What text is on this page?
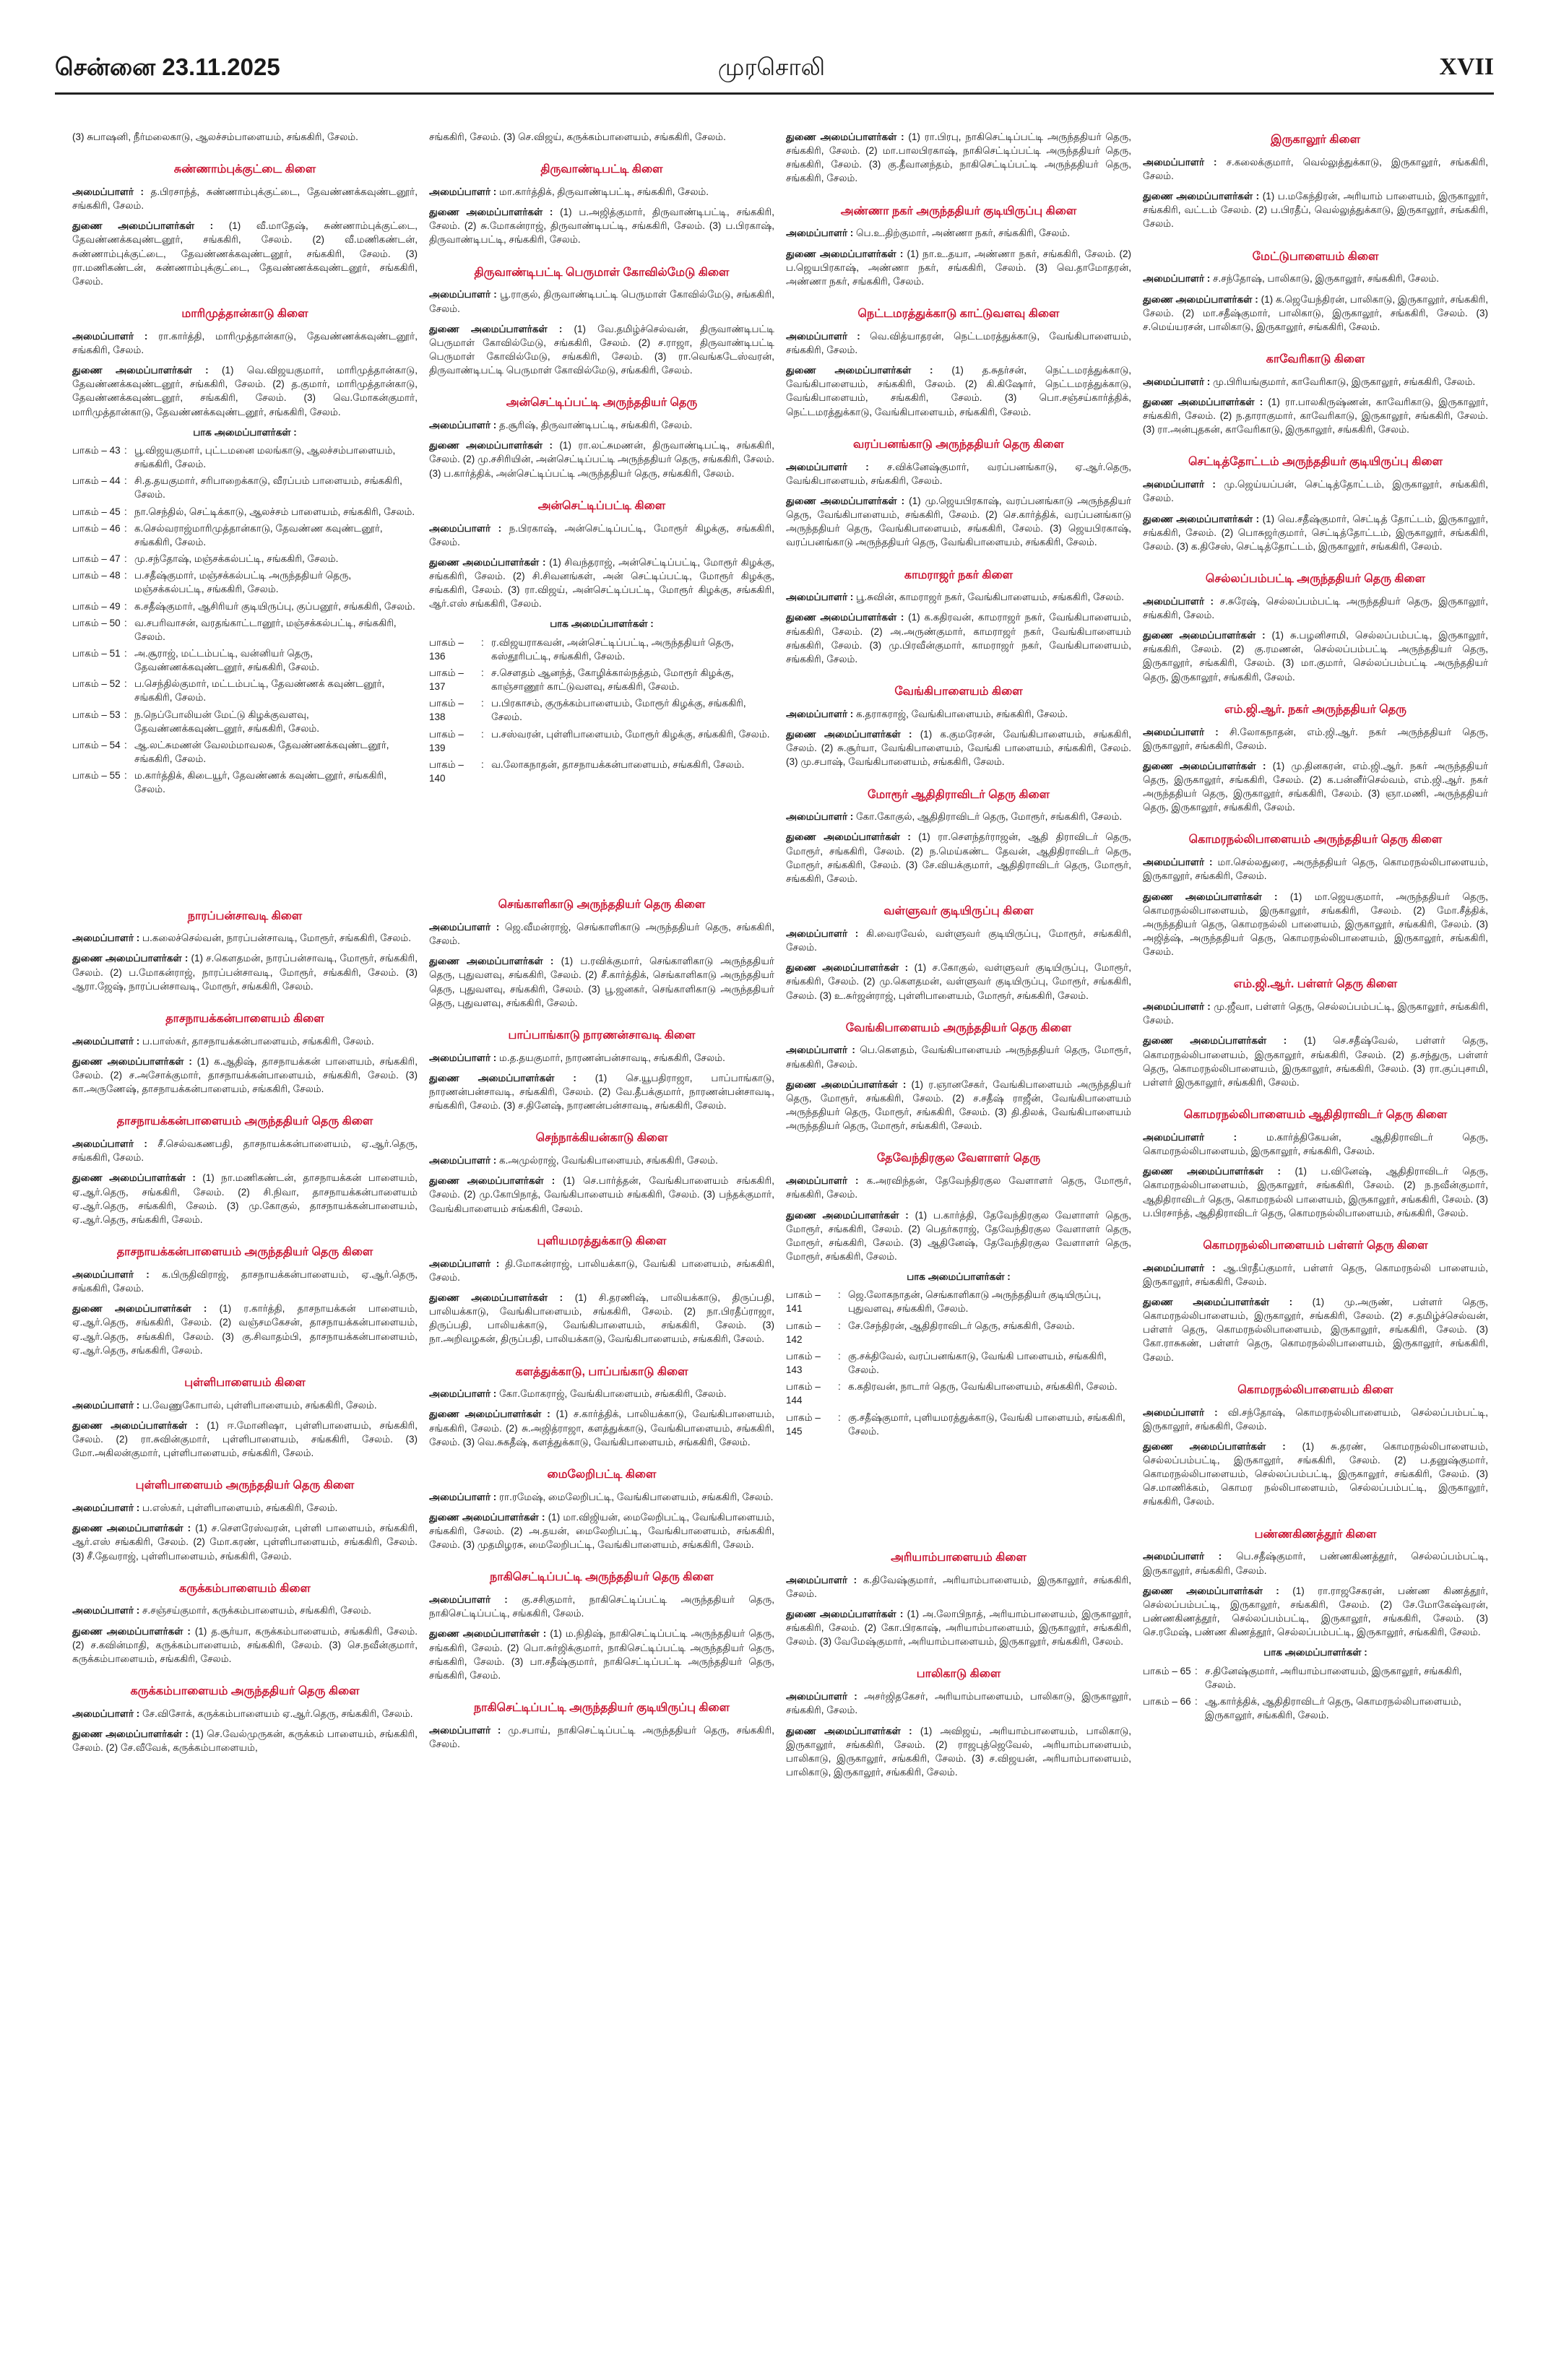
சென்னை 23.11.2025	முரசொலி	XVII

(3) சுபாஷனி, நீர்மலைகாடு, ஆலச்சம்பாளையம், சங்ககிரி, சேலம்.

சுண்ணாம்புக்குட்டை கிளை

அமைப்பாளர் : த.பிரசாந்த், சுண்ணாம்புக்குட்டை, தேவண்ணக்கவுண்டனூர், சங்ககிரி, சேலம்.

துணை அமைப்பாளர்கள் : (1) வீ.மாதேஷ், சுண்ணாம்புக்குட்டை, தேவண்ணக்கவுண்டனூர், சங்ககிரி, சேலம். (2) வீ.மணிகண்டன், சுண்ணாம்புக்குட்டை, தேவண்ணக்கவுண்டனூர், சங்ககிரி, சேலம். (3) ரா.மணிகண்டன், சுண்ணாம்புக்குட்டை, தேவண்ணக்கவுண்டனூர், சங்ககிரி, சேலம்.

மாரிமுத்தான்காடு கிளை

அமைப்பாளர் : ரா.கார்த்தி, மாரிமுத்தான்காடு, தேவண்ணக்கவுண்டனூர், சங்ககிரி, சேலம்.

துணை அமைப்பாளர்கள் : (1) வெ.விஜயகுமார், மாரிமுத்தான்காடு, தேவண்ணக்கவுண்டனூர், சங்ககிரி, சேலம். (2) த.குமார், மாரிமுத்தான்காடு, தேவண்ணக்கவுண்டனூர், சங்ககிரி, சேலம். (3) வெ.மோகன்குமார், மாரிமுத்தான்காடு, தேவண்ணக்கவுண்டனூர், சங்ககிரி, சேலம்.

பாக அமைப்பாளர்கள் :
பாகம் – 43 : பூ.விஜயகுமார், புட்டமனை மலங்காடு, ஆலச்சம்பாளையம், சங்ககிரி, சேலம்.
பாகம் – 44 : சி.த.தயகுமார், சரிபாறைக்காடு, வீரப்பம் பாளையம், சங்ககிரி, சேலம்.
பாகம் – 45 : நா.செந்தில், செட்டிக்காடு, ஆலச்சம் பாளையம், சங்ககிரி, சேலம்.
பாகம் – 46 : க.செல்வராஜ்மாரிமுத்தான்காடு, தேவண்ண கவுண்டனூர், சங்ககிரி, சேலம்.
பாகம் – 47 : மு.சந்தோஷ், மஞ்சக்கல்பட்டி, சங்ககிரி, சேலம்.
பாகம் – 48 : ப.சதீஷ்குமார், மஞ்சக்கல்பட்டி அருந்ததியர் தெரு, மஞ்சக்கல்பட்டி, சங்ககிரி, சேலம்.
பாகம் – 49 : க.சதீஷ்குமார், ஆசிரியர் குடியிருப்பு, குப்பனூர், சங்ககிரி, சேலம்.
பாகம் – 50 : வ.சபரிவாசன், வரதங்காட்டானூர், மஞ்சக்கல்பட்டி, சங்ககிரி, சேலம்.
பாகம் – 51 : அ.சூராஜ், மட்டம்பட்டி, வன்னியர் தெரு, தேவண்ணக்கவுண்டனூர், சங்ககிரி, சேலம்.
பாகம் – 52 : ப.செந்தில்குமார், மட்டம்பட்டி, தேவண்ணக் கவுண்டனூர், சங்ககிரி, சேலம்.
பாகம் – 53 : ந.நெப்போலியன் மேட்டு கிழக்குவளவு, தேவண்ணக்கவுண்டனூர், சங்ககிரி, சேலம்.
பாகம் – 54 : ஆ.லட்சுமணன் வேலம்மாவலசு, தேவண்ணக்கவுண்டனூர், சங்ககிரி, சேலம்.
பாகம் – 55 : ம.கார்த்திக், கிடையூர், தேவண்ணக் கவுண்டனூர், சங்ககிரி, சேலம்.
நாரப்பன்சாவடி கிளை

அமைப்பாளர் : ப.கலைச்செல்வன், நாரப்பன்சாவடி, மோரூர், சங்ககிரி, சேலம்.

துணை அமைப்பாளர்கள் : (1) ச.கௌதமன், நாரப்பன்சாவடி, மோரூர், சங்ககிரி, சேலம். (2) ப.மோகன்ராஜ், நாரப்பன்சாவடி, மோரூர், சங்ககிரி, சேலம். (3) ஆரா.ஜேஷ், நாரப்பன்சாவடி, மோரூர், சங்ககிரி, சேலம்.

தாசநாயக்கன்பாளையம் கிளை

அமைப்பாளர் : ப.பாஸ்கர், தாசநாயக்கன்பாளையம், சங்ககிரி, சேலம்.

துணை அமைப்பாளர்கள் : (1) க.ஆதிஷ், தாசநாயக்கன் பாளையம், சங்ககிரி, சேலம். (2) ச.அசோக்குமார், தாசநாயக்கன்பாளையம், சங்ககிரி, சேலம். (3) கா.அருணேஷ், தாசநாயக்கன்பாளையம், சங்ககிரி, சேலம்.

தாசநாயக்கன்பாளையம் அருந்ததியர் தெரு கிளை

அமைப்பாளர் : சீ.செல்வகணபதி, தாசநாயக்கன்பாளையம், ஏ.ஆர்.தெரு, சங்ககிரி, சேலம்.

துணை அமைப்பாளர்கள் : (1) நா.மணிகண்டன், தாசநாயக்கன் பாளையம், ஏ.ஆர்.தெரு, சங்ககிரி, சேலம். (2) சி.நிவா, தாசநாயக்கன்பாளையம் ஏ.ஆர்.தெரு, சங்ககிரி, சேலம். (3) மு.கோகுல், தாசநாயக்கன்பாளையம், ஏ.ஆர்.தெரு, சங்ககிரி, சேலம்.

தாசநாயக்கன்பாளையம் அருந்ததியர் தெரு கிளை

அமைப்பாளர் : க.பிருதிவிராஜ், தாசநாயக்கன்பாளையம், ஏ.ஆர்.தெரு, சங்ககிரி, சேலம்.

துணை அமைப்பாளர்கள் : (1) ர.கார்த்தி, தாசநாயக்கன் பாளையம், ஏ.ஆர்.தெரு, சங்ககிரி, சேலம். (2) வஞ்சமகேசன், தாசநாயக்கன்பாளையம், ஏ.ஆர்.தெரு, சங்ககிரி, சேலம். (3) கு.சிவாதம்பி, தாசநாயக்கன்பாளையம், ஏ.ஆர்.தெரு, சங்ககிரி, சேலம்.

புள்ளிபாளையம் கிளை

அமைப்பாளர் : ப.வேணுகோபால், புள்ளிபாளையம், சங்ககிரி, சேலம்.

துணை அமைப்பாளர்கள் : (1) ஈ.மோனிஷா, புள்ளிபாளையம், சங்ககிரி, சேலம். (2) ரா.சுவின்குமார், புள்ளிபாளையம், சங்ககிரி, சேலம். (3) மோ.அகிலன்குமார், புள்ளிபாளையம், சங்ககிரி, சேலம்.

புள்ளிபாளையம் அருந்ததியர் தெரு கிளை

அமைப்பாளர் : ப.எஸ்கர், புள்ளிபாளையம், சங்ககிரி, சேலம்.

துணை அமைப்பாளர்கள் : (1) ச.சௌரேஸ்வரன், புள்ளி பாளையம், சங்ககிரி, ஆர்.எஸ் சங்ககிரி, சேலம். (2) மோ.கரண், புள்ளிபாளையம், சங்ககிரி, சேலம். (3) சீ.தேவராஜ், புள்ளிபாளையம், சங்ககிரி, சேலம்.

கருக்கம்பாளையம் கிளை

அமைப்பாளர் : ச.சஞ்சய்குமார், கருக்கம்பாளையம், சங்ககிரி, சேலம்.

துணை அமைப்பாளர்கள் : (1) த.சூர்யா, கருக்கம்பாளையம், சங்ககிரி, சேலம். (2) ச.கவின்மாதி, கருக்கம்பாளையம், சங்ககிரி, சேலம். (3) செ.நவீன்குமார், கருக்கம்பாளையம், சங்ககிரி, சேலம்.

கருக்கம்பாளையம் அருந்ததியர் தெரு கிளை

அமைப்பாளர் : சே.விசோக், கருக்கம்பாளையம் ஏ.ஆர்.தெரு, சங்ககிரி, சேலம்.

துணை அமைப்பாளர்கள் : (1) செ.வேல்முருகன், கருக்கம் பாளையம், சங்ககிரி, சேலம். (2) சே.வீவேக், கருக்கம்பாளையம்,

சங்ககிரி, சேலம். (3) செ.விஜய், கருக்கம்பாளையம், சங்ககிரி, சேலம்.

திருவாண்டிபட்டி கிளை

அமைப்பாளர் : மா.கார்த்திக், திருவாண்டிபட்டி, சங்ககிரி, சேலம்.

துணை அமைப்பாளர்கள் : (1) ப.அஜித்குமார், திருவாண்டிபட்டி, சங்ககிரி, சேலம். (2) சு.மோகன்ராஜ், திருவாண்டிபட்டி, சங்ககிரி, சேலம். (3) ப.பிரகாஷ், திருவாண்டிபட்டி, சங்ககிரி, சேலம்.

திருவாண்டிபட்டி பெருமாள் கோவில்மேடு கிளை

அமைப்பாளர் : பூ.ராகுல், திருவாண்டிபட்டி பெருமாள் கோவில்மேடு, சங்ககிரி, சேலம்.

துணை அமைப்பாளர்கள் : (1) வே.தமிழ்ச்செல்வன், திருவாண்டிபட்டி பெருமாள் கோவில்மேடு, சங்ககிரி, சேலம். (2) ச.ராஜா, திருவாண்டிபட்டி பெருமாள் கோவில்மேடு, சங்ககிரி, சேலம். (3) ரா.வெங்கடேஸ்வரன், திருவாண்டிபட்டி பெருமாள் கோவில்மேடு, சங்ககிரி, சேலம்.

அன்செட்டிப்பட்டி அருந்ததியர் தெரு

அமைப்பாளர் : த.சூரிஷ், திருவாண்டிபட்டி, சங்ககிரி, சேலம்.

துணை அமைப்பாளர்கள் : (1) ரா.லட்சுமணன், திருவாண்டிபட்டி, சங்ககிரி, சேலம். (2) மு.சசிரியின், அன்செட்டிப்பட்டி அருந்ததியர் தெரு, சங்ககிரி, சேலம். (3) ப.கார்த்திக், அன்செட்டிப்பட்டி அருந்ததியர் தெரு, சங்ககிரி, சேலம்.

அன்செட்டிப்பட்டி கிளை

அமைப்பாளர் : ந.பிரகாஷ், அன்செட்டிப்பட்டி, மோரூர் கிழக்கு, சங்ககிரி, சேலம்.

துணை அமைப்பாளர்கள் : (1) சிவந்தராஜ், அன்செட்டிப்பட்டி, மோரூர் கிழக்கு, சங்ககிரி, சேலம். (2) சி.சிவனங்கள், அன் செட்டிப்பட்டி, மோரூர் கிழக்கு, சங்ககிரி, சேலம். (3) ரா.விஜய், அன்செட்டிப்பட்டி, மோரூர் கிழக்கு, சங்ககிரி, ஆர்.எஸ் சங்ககிரி, சேலம்.

பாக அமைப்பாளர்கள் :
பாகம் – 136
: ர.விஜயராகவன், அன்செட்டிப்பட்டி, அருந்ததியர் தெரு, கஸ்தூரிபட்டி, சங்ககிரி, சேலம்.
பாகம் – 137
: ச.சௌதம் ஆனந்த், கோழிக்கால்நத்தம், மோரூர் கிழக்கு, காஞ்சாணூர் காட்டுவளவு, சங்ககிரி, சேலம்.
பாகம் – 138
: ப.பிரகாசம், குருக்கம்பாளையம், மோரூர் கிழக்கு, சங்ககிரி, சேலம்.
பாகம் – 139
: ப.சஸ்வரன், புள்ளிபாளையம், மோரூர் கிழக்கு, சங்ககிரி, சேலம்.
பாகம் – 140
: வ.லோகநாதன், தாசநாயக்கன்பாளையம், சங்ககிரி, சேலம்.
செங்காளிகாடு அருந்ததியர் தெரு கிளை

அமைப்பாளர் : ஜெ.வீமன்ராஜ், செங்காளிகாடு அருந்ததியர் தெரு, சங்ககிரி, சேலம்.

துணை அமைப்பாளர்கள் : (1) ப.ரவிக்குமார், செங்காளிகாடு அருந்ததியர் தெரு, புதுவளவு, சங்ககிரி, சேலம். (2) சீ.கார்த்திக், செங்காளிகாடு அருந்ததியர் தெரு, புதுவளவு, சங்ககிரி, சேலம். (3) பூ.ஜனகர், செங்காளிகாடு அருந்ததியர் தெரு, புதுவளவு, சங்ககிரி, சேலம்.

பாப்பாங்காடு நாரணன்சாவடி கிளை

அமைப்பாளர் : ம.த.தயகுமார், நாரணன்பன்சாவடி, சங்ககிரி, சேலம்.

துணை அமைப்பாளர்கள் : (1) செ.யூபதிராஜா, பாப்பாங்காடு, நாரணன்பன்சாவடி, சங்ககிரி, சேலம். (2) வே.தீபக்குமார், நாரணன்பன்சாவடி, சங்ககிரி, சேலம். (3) ச.தினேஷ், நாரணன்பன்சாவடி, சங்ககிரி, சேலம்.

செந்நாக்கியன்காடு கிளை

அமைப்பாளர் : க.அமுல்ராஜ், வேங்கிபாளையம், சங்ககிரி, சேலம்.

துணை அமைப்பாளர்கள் : (1) செ.பார்த்தன், வேங்கிபாளையம் சங்ககிரி, சேலம். (2) மு.கோபிநாத், வேங்கிபாளையம் சங்ககிரி, சேலம். (3) பந்தக்குமார், வேங்கிபாளையம் சங்ககிரி, சேலம்.

புளியமரத்துக்காடு கிளை

அமைப்பாளர் : தி.மோகன்ராஜ், பாலியக்காடு, வேங்கி பாளையம், சங்ககிரி, சேலம்.

துணை அமைப்பாளர்கள் : (1) சி.தரணிஷ், பாலியக்காடு, திருப்பதி, பாலியக்காடு, வேங்கிபாளையம், சங்ககிரி, சேலம். (2) நா.பிரதீப்ராஜா, திருப்பதி, பாலியக்காடு, வேங்கிபாளையம், சங்ககிரி, சேலம். (3) நா.அறிவழகன், திருப்பதி, பாலியக்காடு, வேங்கிபாளையம், சங்ககிரி, சேலம்.

களத்துக்காடு, பாப்பங்காடு கிளை

அமைப்பாளர் : கோ.மோகராஜ், வேங்கிபாளையம், சங்ககிரி, சேலம்.

துணை அமைப்பாளர்கள் : (1) ச.கார்த்திக், பாலியக்காடு, வேங்கிபாளையம், சங்ககிரி, சேலம். (2) சு.அஜித்ராஜா, களத்துக்காடு, வேங்கிபாளையம், சங்ககிரி, சேலம். (3) வெ.சுகதீஷ், களத்துக்காடு, வேங்கிபாளையம், சங்ககிரி, சேலம்.

மைலேறிபட்டி கிளை

அமைப்பாளர் : ரா.ரமேஷ், மைலேறிபட்டி, வேங்கிபாளையம், சங்ககிரி, சேலம்.

துணை அமைப்பாளர்கள் : (1) மா.விஜியன், மைலேறிபட்டி, வேங்கிபாளையம், சங்ககிரி, சேலம். (2) அ.தயன், மைலேறிபட்டி, வேங்கிபாளையம், சங்ககிரி, சேலம். (3) முதமிழரசு, மைலேறிபட்டி, வேங்கிபாளையம், சங்ககிரி, சேலம்.

நாகிசெட்டிப்பட்டி அருந்ததியர் தெரு கிளை

அமைப்பாளர் : கு.சசிகுமார், நாகிசெட்டிப்பட்டி அருந்ததியர் தெரு, நாகிசெட்டிப்பட்டி, சங்ககிரி, சேலம்.

துணை அமைப்பாளர்கள் : (1) ம.நிதிஷ், நாகிசெட்டிப்பட்டி அருந்ததியர் தெரு, சங்ககிரி, சேலம். (2) பொ.சுர்ஜிக்குமார், நாகிசெட்டிப்பட்டி அருந்ததியர் தெரு, சங்ககிரி, சேலம். (3) பா.சதீஷ்குமார், நாகிசெட்டிப்பட்டி அருந்ததியர் தெரு, சங்ககிரி, சேலம்.

நாகிசெட்டிப்பட்டி அருந்ததியர் குடியிருப்பு கிளை

அமைப்பாளர் : மு.சபாய், நாகிசெட்டிப்பட்டி அருந்ததியர் தெரு, சங்ககிரி, சேலம்.

துணை அமைப்பாளர்கள் : (1) ரா.பிரபு, நாகிசெட்டிப்பட்டி அருந்ததியர் தெரு, சங்ககிரி, சேலம். (2) மா.பாலபிரகாஷ், நாகிசெட்டிப்பட்டி அருந்ததியர் தெரு, சங்ககிரி, சேலம். (3) கு.தீவானந்தம், நாகிசெட்டிப்பட்டி அருந்ததியர் தெரு, சங்ககிரி, சேலம்.

அண்ணா நகர் அருந்ததியர் குடியிருப்பு கிளை

அமைப்பாளர் : பெ.உ.திற்குமார், அண்ணா நகர், சங்ககிரி, சேலம்.

துணை அமைப்பாளர்கள் : (1) நா.உ.தயா, அண்ணா நகர், சங்ககிரி, சேலம். (2) ப.ஜெயபிரகாஷ், அண்ணா நகர், சங்ககிரி, சேலம். (3) வெ.தாமோதரன், அண்ணா நகர், சங்ககிரி, சேலம்.

நெட்டமரத்துக்காடு காட்டுவளவு கிளை

அமைப்பாளர் : வெ.வித்யாதரன், நெட்டமரத்துக்காடு, வேங்கிபாளையம், சங்ககிரி, சேலம்.

துணை அமைப்பாளர்கள் : (1) த.சுதர்சன், நெட்டமரத்துக்காடு, வேங்கிபாளையம், சங்ககிரி, சேலம். (2) கி.கிஷோர், நெட்டமரத்துக்காடு, வேங்கிபாளையம், சங்ககிரி, சேலம். (3) பொ.சஞ்சய்கார்த்திக், நெட்டமரத்துக்காடு, வேங்கிபாளையம், சங்ககிரி, சேலம்.

வரப்பனங்காடு அருந்ததியர் தெரு கிளை

அமைப்பாளர் : ச.விக்னேஷ்குமார், வரப்பனங்காடு, ஏ.ஆர்.தெரு, வேங்கிபாளையம், சங்ககிரி, சேலம்.

துணை அமைப்பாளர்கள் : (1) மு.ஜெயபிரகாஷ், வரப்பனங்காடு அருந்ததியர் தெரு, வேங்கிபாளையம், சங்ககிரி, சேலம். (2) செ.கார்த்திக், வரப்பனங்காடு அருந்ததியர் தெரு, வேங்கிபாளையம், சங்ககிரி, சேலம். (3) ஜெயபிரகாஷ், வரப்பனங்காடு அருந்ததியர் தெரு, வேங்கிபாளையம், சங்ககிரி, சேலம்.

காமராஜர் நகர் கிளை

அமைப்பாளர் : பூ.சுவின், காமராஜர் நகர், வேங்கிபாளையம், சங்ககிரி, சேலம்.

துணை அமைப்பாளர்கள் : (1) க.கதிரவன், காமராஜர் நகர், வேங்கிபாளையம், சங்ககிரி, சேலம். (2) அ.அருண்குமார், காமராஜர் நகர், வேங்கிபாளையம் சங்ககிரி, சேலம். (3) மு.பிரவீன்குமார், காமராஜர் நகர், வேங்கிபாளையம், சங்ககிரி, சேலம்.

வேங்கிபாளையம் கிளை

அமைப்பாளர் : க.தராகராஜ், வேங்கிபாளையம், சங்ககிரி, சேலம்.

துணை அமைப்பாளர்கள் : (1) க.குமரேசன், வேங்கிபாளையம், சங்ககிரி, சேலம். (2) சு.சூர்யா, வேங்கிபாளையம், வேங்கி பாளையம், சங்ககிரி, சேலம். (3) மு.சபாஷ், வேங்கிபாளையம், சங்ககிரி, சேலம்.

மோரூர் ஆதிதிராவிடர் தெரு கிளை

அமைப்பாளர் : கோ.கோகுல், ஆதிதிராவிடர் தெரு, மோரூர், சங்ககிரி, சேலம்.

துணை அமைப்பாளர்கள் : (1) ரா.செளந்தர்ராஜன், ஆதி திராவிடர் தெரு, மோரூர், சங்ககிரி, சேலம். (2) ந.மெய்கண்ட தேவன், ஆதிதிராவிடர் தெரு, மோரூர், சங்ககிரி, சேலம். (3) சே.வியக்குமார், ஆதிதிராவிடர் தெரு, மோரூர், சங்ககிரி, சேலம்.

வள்ளுவர் குடியிருப்பு கிளை

அமைப்பாளர் : கி.வைரவேல், வள்ளுவர் குடியிருப்பு, மோரூர், சங்ககிரி, சேலம்.

துணை அமைப்பாளர்கள் : (1) ச.கோகுல், வள்ளுவர் குடியிருப்பு, மோரூர், சங்ககிரி, சேலம். (2) மு.கௌதமன், வள்ளுவர் குடியிருப்பு, மோரூர், சங்ககிரி, சேலம். (3) உ.சுர்ஜன்ராஜ், புள்ளிபாளையம், மோரூர், சங்ககிரி, சேலம்.

வேங்கிபாளையம் அருந்ததியர் தெரு கிளை

அமைப்பாளர் : பெ.கெளதம், வேங்கிபாளையம் அருந்ததியர் தெரு, மோரூர், சங்ககிரி, சேலம்.

துணை அமைப்பாளர்கள் : (1) ர.ஞானசேகர், வேங்கிபாளையம் அருந்ததியர் தெரு, மோரூர், சங்ககிரி, சேலம். (2) ச.சதீஷ் ராஜீன், வேங்கிபாளையம் அருந்ததியர் தெரு, மோரூர், சங்ககிரி, சேலம். (3) தி.திலக், வேங்கிபாளையம் அருந்ததியர் தெரு, மோரூர், சங்ககிரி, சேலம்.

தேவேந்திரகுல வேளாளர் தெரு

அமைப்பாளர் : க.அரவிந்தன், தேவேந்திரகுல வேளாளர் தெரு, மோரூர், சங்ககிரி, சேலம்.

துணை அமைப்பாளர்கள் : (1) ப.கார்த்தி, தேவேந்திரகுல வேளாளர் தெரு, மோரூர், சங்ககிரி, சேலம். (2) பெதர்கராஜ், தேவேந்திரகுல வேளாளர் தெரு, மோரூர், சங்ககிரி, சேலம். (3) ஆதினேஷ், தேவேந்திரகுல வேளாளர் தெரு, மோரூர், சங்ககிரி, சேலம்.

பாக அமைப்பாளர்கள் :
பாகம் – 141
: ஜெ.லோகநாதன், செங்காளிகாடு அருந்ததியர் குடியிருப்பு, புதுவளவு, சங்ககிரி, சேலம்.
பாகம் – 142
: சே.சேந்திரன், ஆதிதிராவிடர் தெரு, சங்ககிரி, சேலம்.
பாகம் – 143
: கு.சக்திவேல், வரப்பனங்காடு, வேங்கி பாளையம், சங்ககிரி, சேலம்.
பாகம் – 144
: க.கதிரவன், நாடார் தெரு, வேங்கிபாளையம், சங்ககிரி, சேலம்.
பாகம் – 145
: கு.சதீஷ்குமார், புளியமரத்துக்காடு, வேங்கி பாளையம், சங்ககிரி, சேலம்.
அரியாம்பாளையம் கிளை

அமைப்பாளர் : க.திவேஷ்குமார், அரியாம்பாளையம், இருகாலூர், சங்ககிரி, சேலம்.

துணை அமைப்பாளர்கள் : (1) அ.லோபிநாத், அரியாம்பாளையம், இருகாலூர், சங்ககிரி, சேலம். (2) கோ.பிரகாஷ், அரியாம்பாளையம், இருகாலூர், சங்ககிரி, சேலம். (3) வேமேஷ்குமார், அரியாம்பாளையம், இருகாலூர், சங்ககிரி, சேலம்.

பாலிகாடு கிளை

அமைப்பாளர் : அசர்ஜிதகேசர், அரியாம்பாளையம், பாலிகாடு, இருகாலூர், சங்ககிரி, சேலம்.

துணை அமைப்பாளர்கள் : (1) அவிஜய், அரியாம்பாளையம், பாலிகாடு, இருகாலூர், சங்ககிரி, சேலம். (2) ராஜபுத்ஜெவேல், அரியாம்பாளையம், பாலிகாடு, இருகாலூர், சங்ககிரி, சேலம். (3) ச.விஜயன், அரியாம்பாளையம், பாலிகாடு, இருகாலூர், சங்ககிரி, சேலம்.

இருகாலூர் கிளை

அமைப்பாளர் : ச.கலைக்குமார், வெல்லுத்துக்காடு, இருகாலூர், சங்ககிரி, சேலம்.

துணை அமைப்பாளர்கள் : (1) ப.மகேந்திரன், அரியாம் பாளையம், இருகாலூர், சங்ககிரி, வட்டம் சேலம். (2) ப.பிரதீப், வெல்லுத்துக்காடு, இருகாலூர், சங்ககிரி, சேலம்.

மேட்டுபாளையம் கிளை

அமைப்பாளர் : ச.சந்தோஷ், பாலிகாடு, இருகாலூர், சங்ககிரி, சேலம்.

துணை அமைப்பாளர்கள் : (1) க.ஜெயேந்திரன், பாலிகாடு, இருகாலூர், சங்ககிரி, சேலம். (2) மா.சதீஷ்குமார், பாலிகாடு, இருகாலூர், சங்ககிரி, சேலம். (3) ச.மெய்யரசன், பாலிகாடு, இருகாலூர், சங்ககிரி, சேலம்.

காவேரிகாடு கிளை

அமைப்பாளர் : மு.பிரியங்குமார், காவேரிகாடு, இருகாலூர், சங்ககிரி, சேலம்.

துணை அமைப்பாளர்கள் : (1) ரா.பாலகிருஷ்ணன், காவேரிகாடு, இருகாலூர், சங்ககிரி, சேலம். (2) ந.தாராகுமார், காவேரிகாடு, இருகாலூர், சங்ககிரி, சேலம். (3) ரா.அன்புதகன், காவேரிகாடு, இருகாலூர், சங்ககிரி, சேலம்.

செட்டித்தோட்டம் அருந்ததியர் குடியிருப்பு கிளை

அமைப்பாளர் : மு.ஜெய்யப்பன், செட்டித்தோட்டம், இருகாலூர், சங்ககிரி, சேலம்.

துணை அமைப்பாளர்கள் : (1) வெ.சதீஷ்குமார், செட்டித் தோட்டம், இருகாலூர், சங்ககிரி, சேலம். (2) பொசுஜர்குமார், செட்டித்தோட்டம், இருகாலூர், சங்ககிரி, சேலம். (3) க.திசேஸ், செட்டித்தோட்டம், இருகாலூர், சங்ககிரி, சேலம்.

செல்லப்பம்பட்டி அருந்ததியர் தெரு கிளை

அமைப்பாளர் : ச.சுரேஷ், செல்லப்பம்பட்டி அருந்ததியர் தெரு, இருகாலூர், சங்ககிரி, சேலம்.

துணை அமைப்பாளர்கள் : (1) சு.பழனிசாமி, செல்லப்பம்பட்டி, இருகாலூர், சங்ககிரி, சேலம். (2) கு.ரமணன், செல்லப்பம்பட்டி அருந்ததியர் தெரு, இருகாலூர், சங்ககிரி, சேலம். (3) மா.குமார், செல்லப்பம்பட்டி அருந்ததியர் தெரு, இருகாலூர், சங்ககிரி, சேலம்.

எம்.ஜி.ஆர். நகர் அருந்ததியர் தெரு

அமைப்பாளர் : சி.லோகநாதன், எம்.ஜி.ஆர். நகர் அருந்ததியர் தெரு, இருகாலூர், சங்ககிரி, சேலம்.

துணை அமைப்பாளர்கள் : (1) மு.தினகரன், எம்.ஜி.ஆர். நகர் அருந்ததியர் தெரு, இருகாலூர், சங்ககிரி, சேலம். (2) க.பன்னீர்செல்வம், எம்.ஜி.ஆர். நகர் அருந்ததியர் தெரு, இருகாலூர், சங்ககிரி, சேலம். (3) ஞா.மணி, அருந்ததியர் தெரு, இருகாலூர், சங்ககிரி, சேலம்.

கொமரநல்லிபாளையம் அருந்ததியர் தெரு கிளை

அமைப்பாளர் : மா.செல்லதுரை, அருந்ததியர் தெரு, கொமரநல்லிபாளையம், இருகாலூர், சங்ககிரி, சேலம்.

துணை அமைப்பாளர்கள் : (1) மா.ஜெயகுமார், அருந்ததியர் தெரு, கொமரநல்லிபாளையம், இருகாலூர், சங்ககிரி, சேலம். (2) மோ.சீத்திக், அருந்ததியர் தெரு, கொமரநல்லி பாளையம், இருகாலூர், சங்ககிரி, சேலம். (3) அஜித்ஷ், அருந்ததியர் தெரு, கொமரநல்லிபாளையம், இருகாலூர், சங்ககிரி, சேலம்.

எம்.ஜி.ஆர். பள்ளர் தெரு கிளை

அமைப்பாளர் : மு.ஜீவா, பள்ளர் தெரு, செல்லப்பம்பட்டி, இருகாலூர், சங்ககிரி, சேலம்.

துணை அமைப்பாளர்கள் : (1) செ.சதீஷ்வேல், பள்ளர் தெரு, கொமரநல்லிபாளையம், இருகாலூர், சங்ககிரி, சேலம். (2) த.சந்துரு, பள்ளர் தெரு, கொமரநல்லிபாளையம், இருகாலூர், சங்ககிரி, சேலம். (3) ரா.குப்புசாமி, பள்ளர் இருகாலூர், சங்ககிரி, சேலம்.

கொமரநல்லிபாளையம் ஆதிதிராவிடர் தெரு கிளை

அமைப்பாளர் :	ம.கார்த்திகேயன், ஆதிதிராவிடர் தெரு, கொமரநல்லிபாளையம், இருகாலூர், சங்ககிரி, சேலம்.

துணை அமைப்பாளர்கள் : (1) ப.வினேஷ், ஆதிதிராவிடர் தெரு, கொமரநல்லிபாளையம், இருகாலூர், சங்ககிரி, சேலம். (2) ந.நவீன்குமார், ஆதிதிராவிடர் தெரு, கொமரநல்லி பாளையம், இருகாலூர், சங்ககிரி, சேலம். (3) ப.பிரசாந்த், ஆதிதிராவிடர் தெரு, கொமரநல்லிபாளையம், சங்ககிரி, சேலம்.

கொமரநல்லிபாளையம் பள்ளர் தெரு கிளை

அமைப்பாளர் : ஆ.பிரதீப்குமார், பள்ளர் தெரு, கொமரநல்லி பாளையம், இருகாலூர், சங்ககிரி, சேலம்.

துணை அமைப்பாளர்கள் : (1) மு.அருண், பள்ளர் தெரு, கொமரநல்லிபாளையம், இருகாலூர், சங்ககிரி, சேலம். (2) ச.தமிழ்ச்செல்வன், பள்ளர் தெரு, கொமரநல்லிபாளையம், இருகாலூர், சங்ககிரி, சேலம். (3) கோ.ராசுகண், பள்ளர் தெரு, கொமரநல்லிபாளையம், இருகாலூர், சங்ககிரி, சேலம்.

கொமரநல்லிபாளையம் கிளை

அமைப்பாளர் : வி.சந்தோஷ், கொமரநல்லிபாளையம், செல்லப்பம்பட்டி, இருகாலூர், சங்ககிரி, சேலம்.

துணை அமைப்பாளர்கள் : (1) சு.தரண், கொமரநல்லிபாளையம், செல்லப்பம்பட்டி, இருகாலூர், சங்ககிரி, சேலம். (2) ப.தனுஷ்குமார், கொமரநல்லிபாளையம், செல்லப்பம்பட்டி, இருகாலூர், சங்ககிரி, சேலம். (3) செ.மாணிக்கம், கொமர நல்லிபாளையம், செல்லப்பம்பட்டி, இருகாலூர், சங்ககிரி, சேலம்.

பண்ணகிணத்தூர் கிளை

அமைப்பாளர் : பெ.சதீஷ்குமார், பண்ணகிணத்தூர், செல்லப்பம்பட்டி, இருகாலூர், சங்ககிரி, சேலம்.

துணை அமைப்பாளர்கள் : (1) ரா.ராஜசேகரன், பண்ண கிணத்தூர், செல்லப்பம்பட்டி, இருகாலூர், சங்ககிரி, சேலம். (2) சே.மோகேஷ்வரன், பண்ணகிணத்தூர், செல்லப்பம்பட்டி, இருகாலூர், சங்ககிரி, சேலம். (3) செ.ரமேஷ், பண்ண கிணத்தூர், செல்லப்பம்பட்டி, இருகாலூர், சங்ககிரி, சேலம்.

பாக அமைப்பாளர்கள் :
பாகம் – 65 : ச.தினேஷ்குமார், அரியாம்பாளையம், இருகாலூர், சங்ககிரி, சேலம்.
பாகம் – 66 : ஆ.கார்த்திக், ஆதிதிராவிடர் தெரு, கொமரநல்லிபாளையம், இருகாலூர், சங்ககிரி, சேலம்.
